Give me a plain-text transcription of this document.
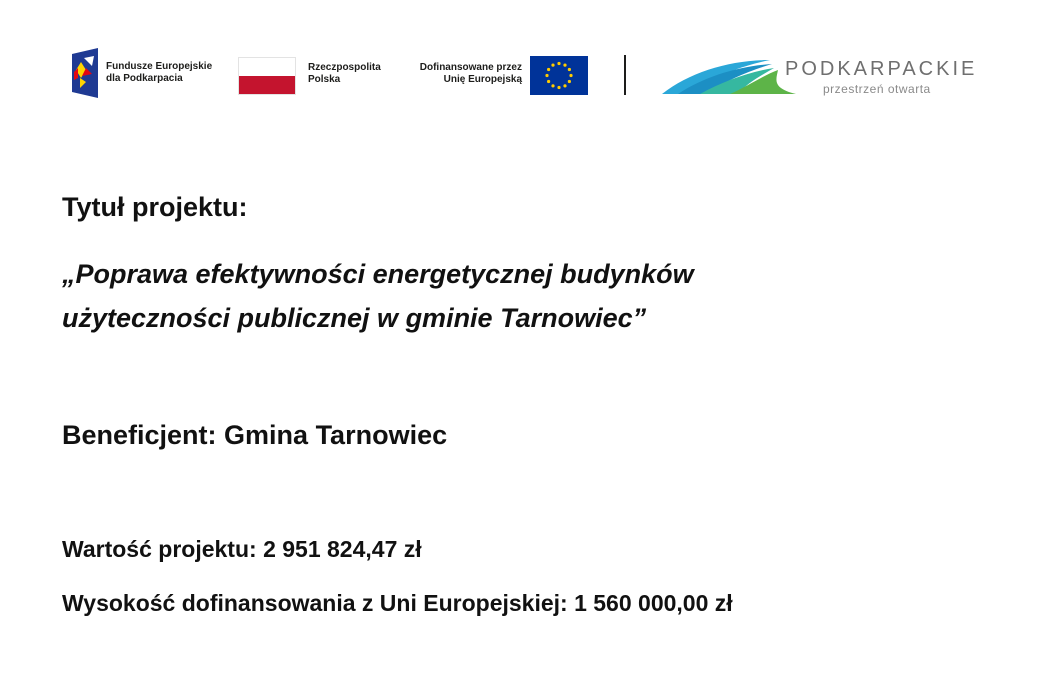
Fundusze Europejskie
dla Podkarpacia
Rzeczpospolita
Polska
Dofinansowane przez
Unię Europejską	PODKARPACKIE
przestrzeń otwarta
Tytuł projektu:
„Poprawa efektywności energetycznej budynków
użyteczności publicznej w gminie Tarnowiec”
Beneficjent: Gmina Tarnowiec
Wartość projektu: 2 951 824,47 zł
Wysokość dofinansowania z Uni Europejskiej: 1 560 000,00 zł
